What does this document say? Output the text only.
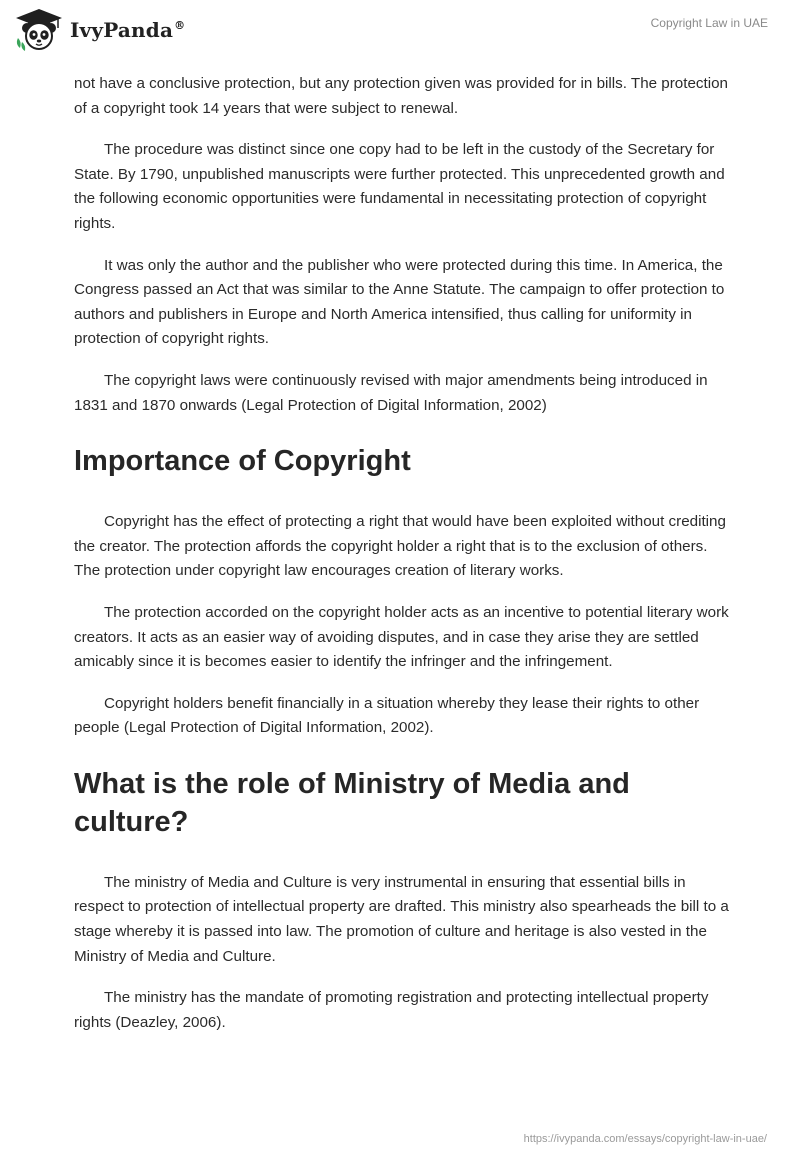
IvyPanda®	Copyright Law in UAE

not have a conclusive protection, but any protection given was provided for in bills. The protection of a copyright took 14 years that were subject to renewal.

The procedure was distinct since one copy had to be left in the custody of the Secretary for State. By 1790, unpublished manuscripts were further protected. This unprecedented growth and the following economic opportunities were fundamental in necessitating protection of copyright rights.

It was only the author and the publisher who were protected during this time. In America, the Congress passed an Act that was similar to the Anne Statute. The campaign to offer protection to authors and publishers in Europe and North America intensified, thus calling for uniformity in protection of copyright rights.

The copyright laws were continuously revised with major amendments being introduced in 1831 and 1870 onwards (Legal Protection of Digital Information, 2002)

Importance of Copyright

Copyright has the effect of protecting a right that would have been exploited without crediting the creator. The protection affords the copyright holder a right that is to the exclusion of others. The protection under copyright law encourages creation of literary works.

The protection accorded on the copyright holder acts as an incentive to potential literary work creators. It acts as an easier way of avoiding disputes, and in case they arise they are settled amicably since it is becomes easier to identify the infringer and the infringement.

Copyright holders benefit financially in a situation whereby they lease their rights to other people (Legal Protection of Digital Information, 2002).

What is the role of Ministry of Media and culture?

The ministry of Media and Culture is very instrumental in ensuring that essential bills in respect to protection of intellectual property are drafted. This ministry also spearheads the bill to a stage whereby it is passed into law. The promotion of culture and heritage is also vested in the Ministry of Media and Culture.

The ministry has the mandate of promoting registration and protecting intellectual property rights (Deazley, 2006).

https://ivypanda.com/essays/copyright-law-in-uae/
